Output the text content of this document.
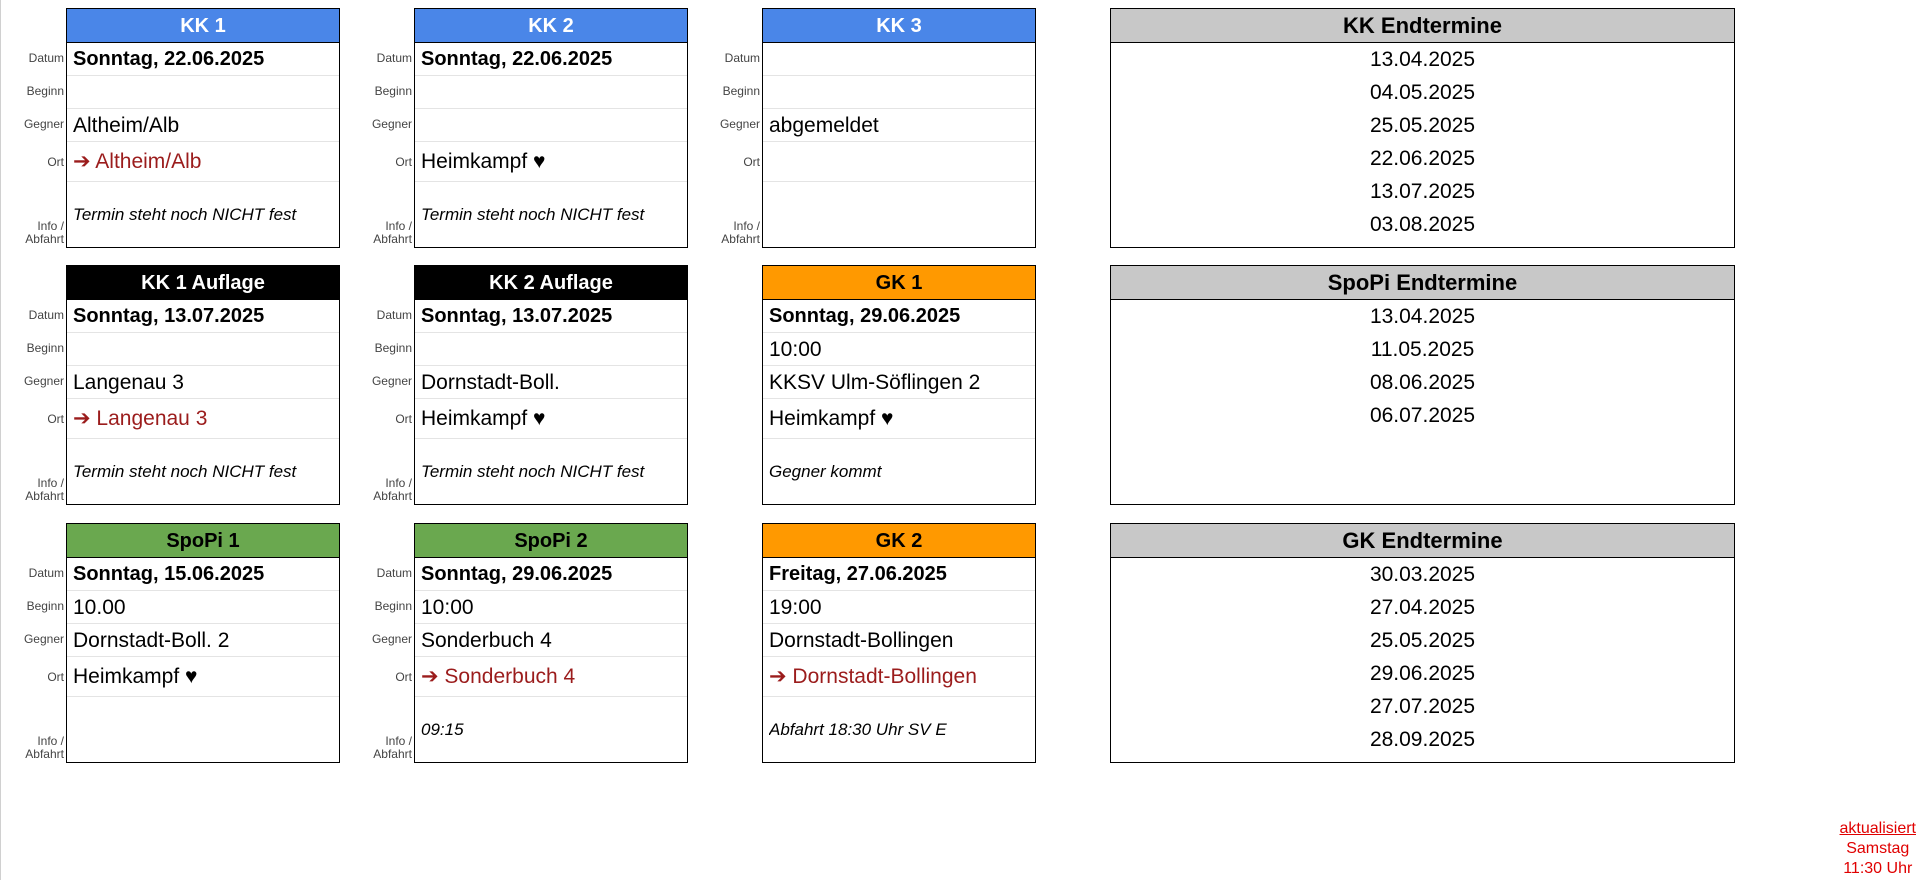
Datum
Beginn
Gegner
Ort
Info /
Abfahrt
KK 1
Sonntag, 22.06.2025
Altheim/Alb
➔ Altheim/Alb
Termin steht noch NICHT fest
Datum
Beginn
Gegner
Ort
Info /
Abfahrt
KK 2
Sonntag, 22.06.2025
Heimkampf ♥
Termin steht noch NICHT fest
Datum
Beginn
Gegner
Ort
Info /
Abfahrt
KK 3
abgemeldet
Datum
Beginn
Gegner
Ort
Info /
Abfahrt
KK 1 Auflage
Sonntag, 13.07.2025
Langenau 3
➔ Langenau 3
Termin steht noch NICHT fest
Datum
Beginn
Gegner
Ort
Info /
Abfahrt
KK 2 Auflage
Sonntag, 13.07.2025
Dornstadt-Boll.
Heimkampf ♥
Termin steht noch NICHT fest
GK 1
Sonntag, 29.06.2025
10:00
KKSV Ulm-Söflingen 2
Heimkampf ♥
Gegner kommt
Datum
Beginn
Gegner
Ort
Info /
Abfahrt
SpoPi 1
Sonntag, 15.06.2025
10.00
Dornstadt-Boll. 2
Heimkampf ♥
Datum
Beginn
Gegner
Ort
Info /
Abfahrt
SpoPi 2
Sonntag, 29.06.2025
10:00
Sonderbuch 4
➔ Sonderbuch 4
09:15
GK 2
Freitag, 27.06.2025
19:00
Dornstadt-Bollingen
➔ Dornstadt-Bollingen
Abfahrt 18:30 Uhr SV E
KK Endtermine
13.04.2025
04.05.2025
25.05.2025
22.06.2025
13.07.2025
03.08.2025
SpoPi Endtermine
13.04.2025
11.05.2025
08.06.2025
06.07.2025
GK Endtermine
30.03.2025
27.04.2025
25.05.2025
29.06.2025
27.07.2025
28.09.2025
aktualisiert
Samstag
11:30 Uhr
